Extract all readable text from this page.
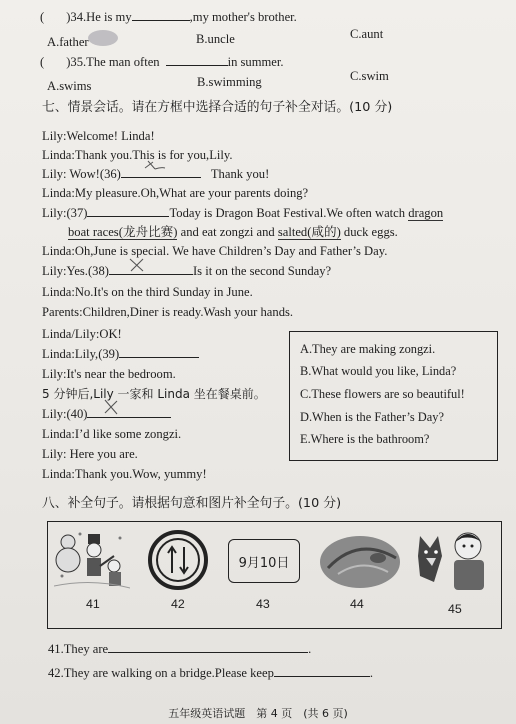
( )34.He is my	,my mother's brother.
A.father	B.uncle	C.aunt
( )35.The man often	in summer.
A.swims	B.swimming	C.swim
七、情景会话。请在方框中选择合适的句子补全对话。(10 分)
Lily:Welcome! Linda!
Linda:Thank you.This is for you,Lily.
Lily: Wow!(36)	Thank you!
Linda:My pleasure.Oh,What are your parents doing?
Lily:(37)	Today is Dragon Boat Festival.We often watch dragon
boat races(龙舟比赛) and eat zongzi and salted(咸的) duck eggs.
Linda:Oh,June is special. We have Children’s Day and Father’s Day.
Lily:Yes.(38)	Is it on the second Sunday?
Linda:No.It's on the third Sunday in June.
Parents:Children,Diner is ready.Wash your hands.
Linda/Lily:OK!
Linda:Lily,(39)
Lily:It's near the bedroom.
5 分钟后,Lily 一家和 Linda 坐在餐桌前。
Lily:(40)
Linda:I’d like some zongzi.
Lily: Here you are.
Linda:Thank you.Wow, yummy!
A.They are making zongzi.
B.What would you like, Linda?
C.These flowers are so beautiful!
D.When is the Father’s Day?
E.Where is the bathroom?
八、补全句子。请根据句意和图片补全句子。(10 分)
41	42
9月10日
43	44	45
41.They are	.
42.They are walking on a bridge.Please keep	.
五年级英语试题　第 4 页　(共 6 页)
